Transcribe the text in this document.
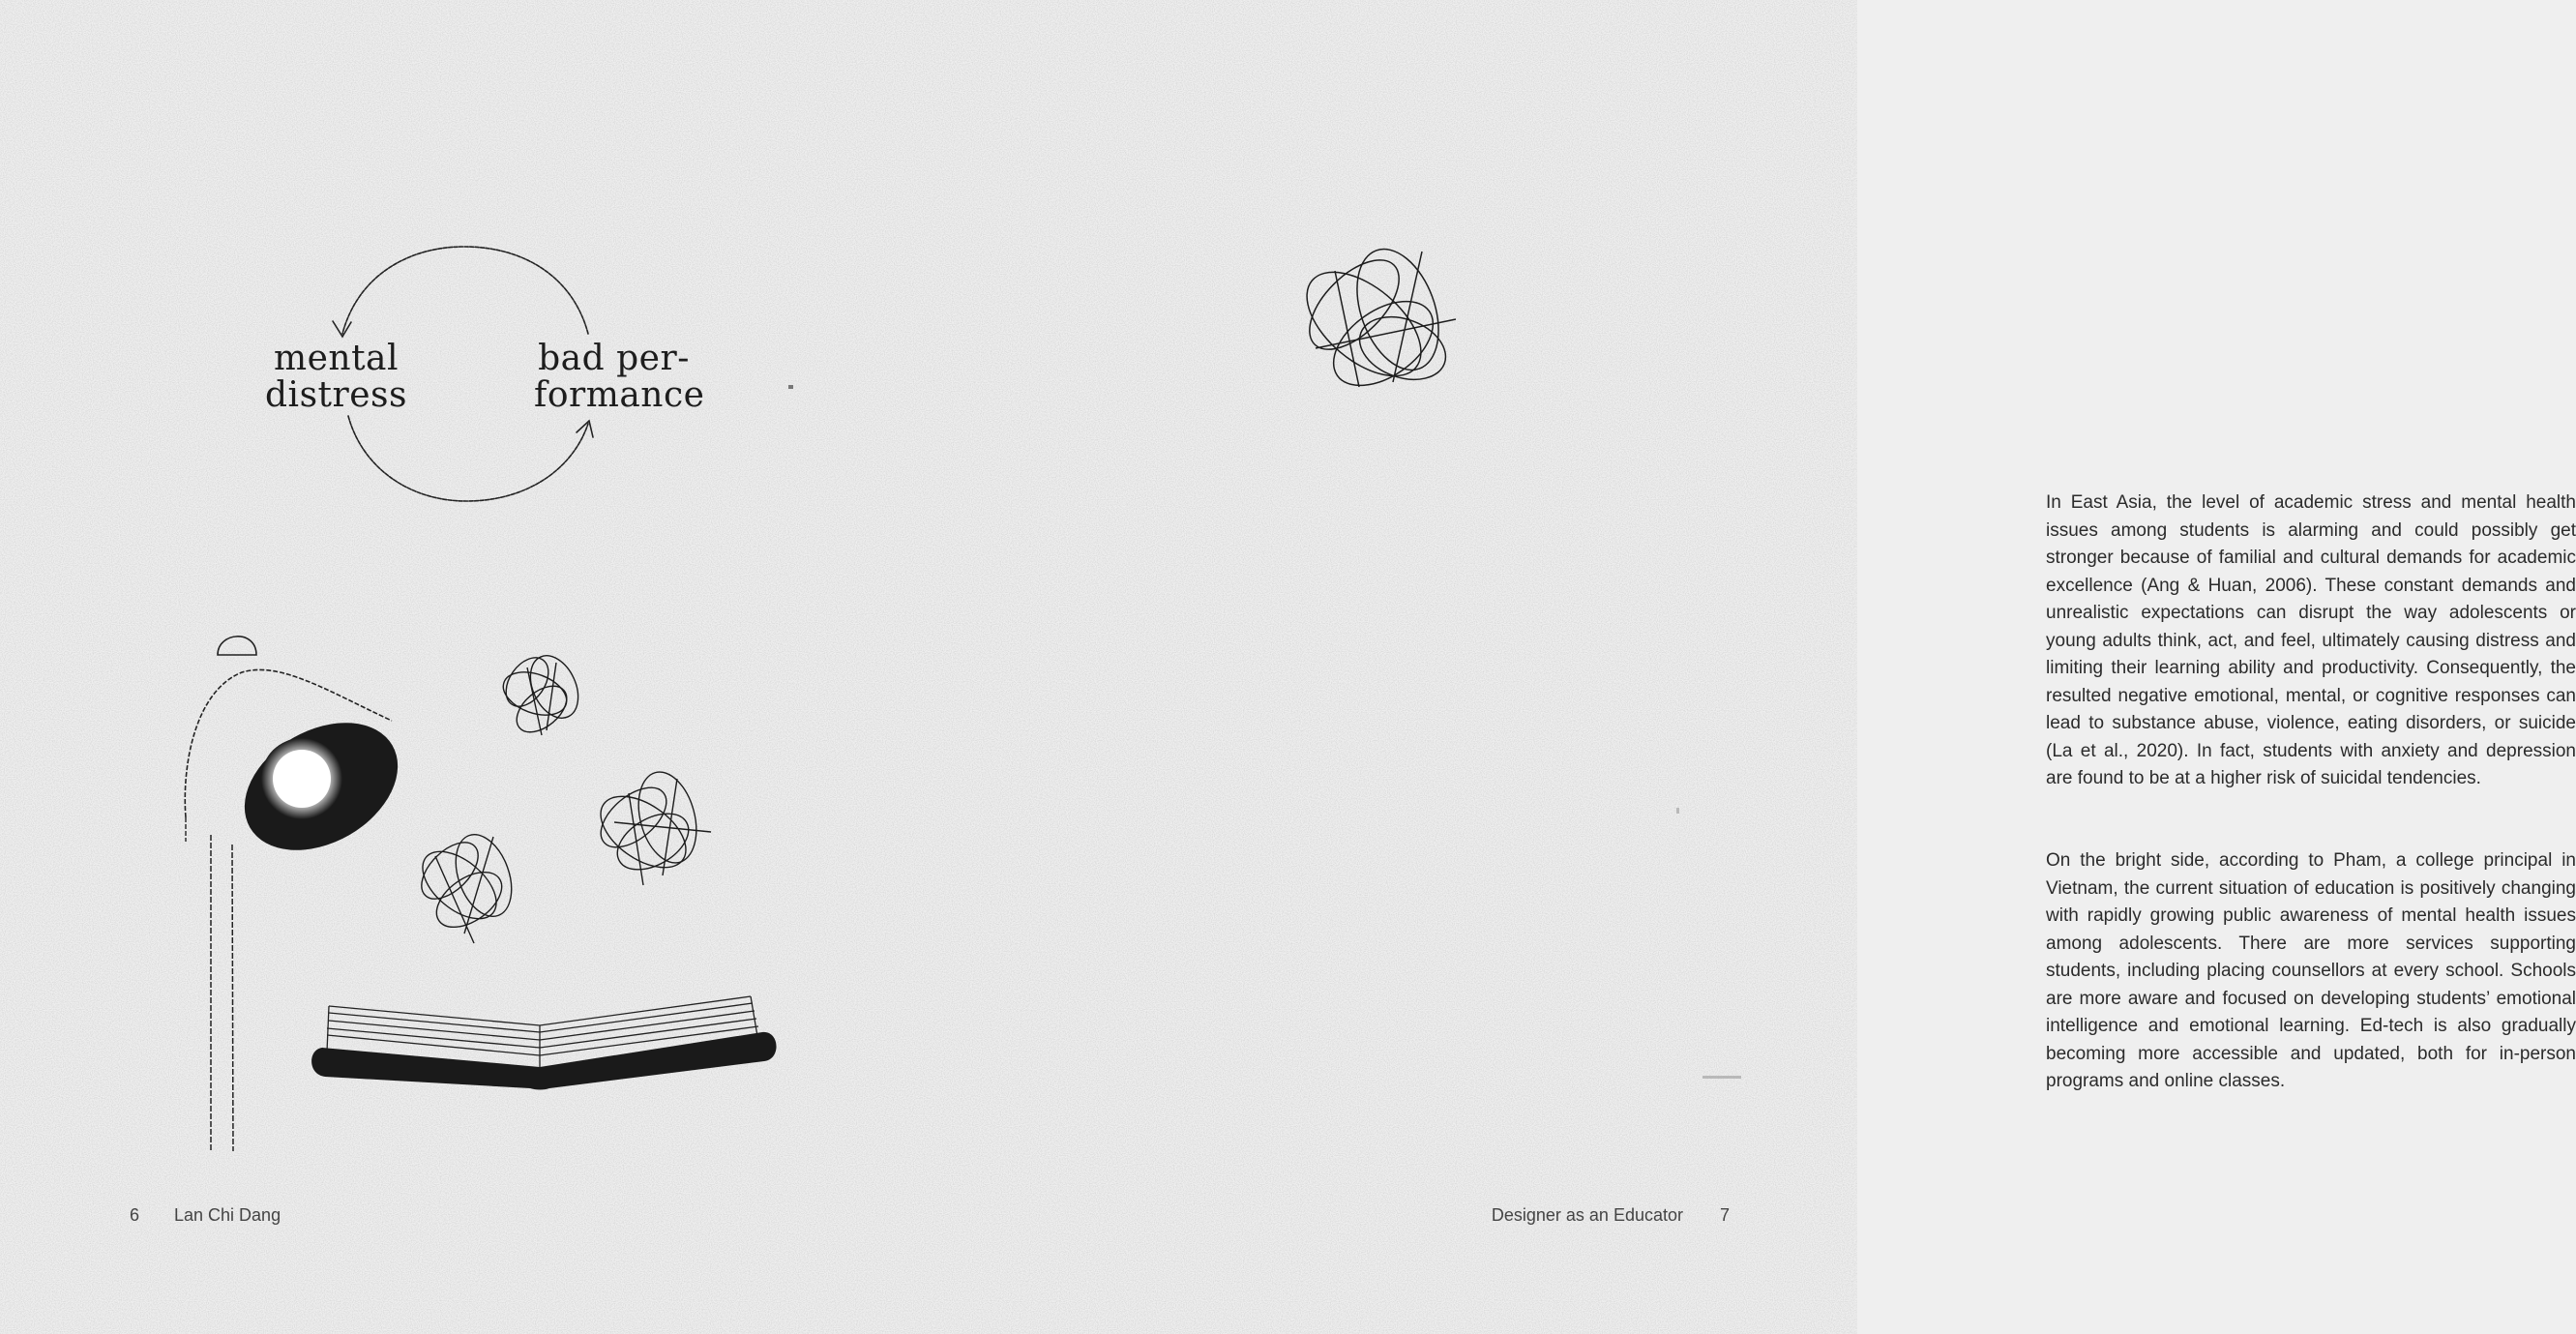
mental
distress
bad per-
formance
6 Lan Chi Dang

In East Asia, the level of academic stress and mental health issues among students is alarming and could possibly get stronger because of familial and cultural demands for academic excellence (Ang & Huan, 2006). These constant demands and unrealistic expectations can disrupt the way adolescents or young adults think, act, and feel, ultimately causing distress and limiting their learning ability and productivity. Consequently, the resulted negative emotional, mental, or cognitive responses can lead to substance abuse, violence, eating disorders, or suicide (La et al., 2020). In fact, students with anxiety and depression are found to be at a higher risk of suicidal tendencies.

On the bright side, according to Pham, a college principal in Vietnam, the current situation of education is positively changing with rapidly growing public awareness of mental health issues among adolescents. There are more services supporting students, including placing counsellors at every school. Schools are more aware and focused on developing students’ emotional intelligence and emotional learning. Ed-tech is also gradually becoming more accessible and updated, both for in-person programs and online classes.

Designer as an Educator 7
